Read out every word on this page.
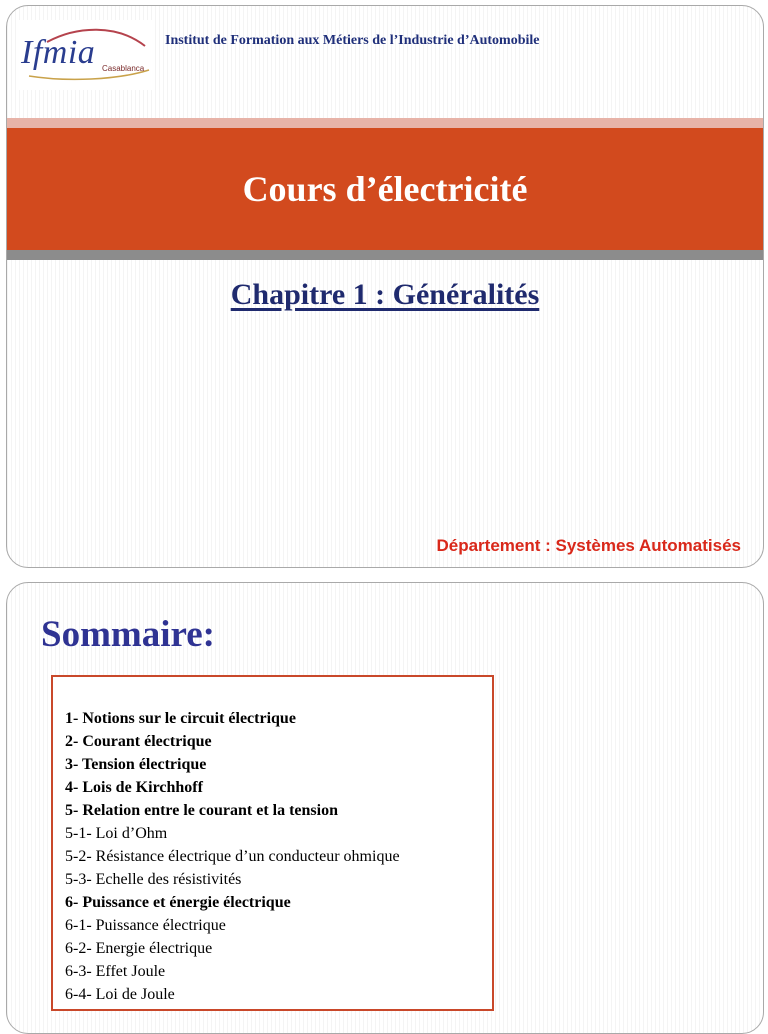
Ifmia Casablanca
Institut de Formation aux Métiers de l’Industrie d’Automobile
Cours d’électricité
Chapitre 1 : Généralités
Département : Systèmes Automatisés
Sommaire:
1- Notions sur le circuit électrique
2- Courant électrique
3- Tension électrique
4- Lois de Kirchhoff
5- Relation entre le courant et la tension
5-1- Loi d’Ohm
5-2- Résistance électrique d’un conducteur ohmique
5-3- Echelle des résistivités
6- Puissance et énergie électrique
6-1- Puissance électrique
6-2- Energie électrique
6-3- Effet Joule
6-4- Loi de Joule
